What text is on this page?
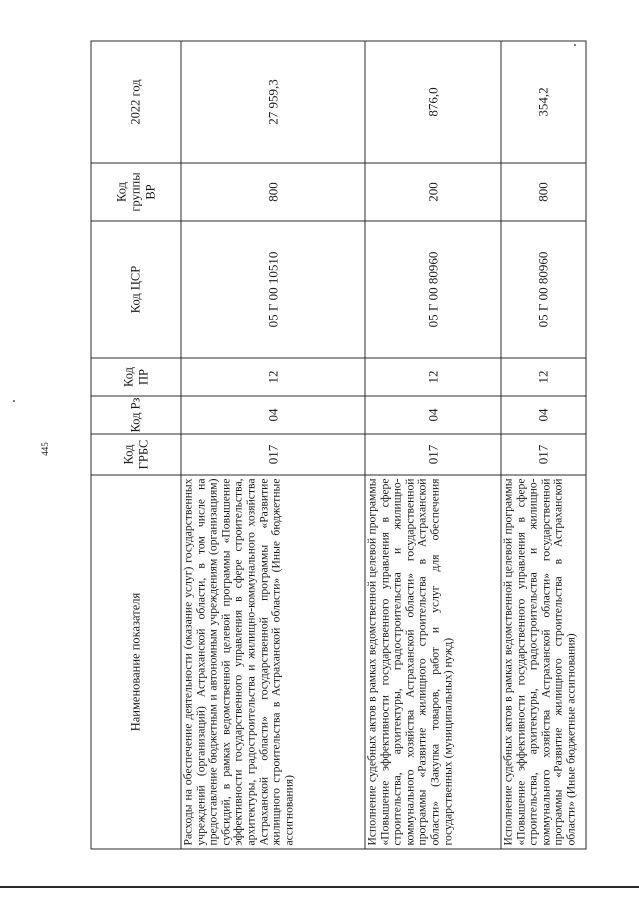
445
Наименование показателя	Код ГРБС	Код Рз	Код ПР	Код ЦСР	Код группы ВР	2022 год
Расходы на обеспечение деятельности (оказание услуг) государственных учреждений (организаций) Астраханской области, в том числе на предоставление бюджетным и автономным учреждениям (организациям) субсидий, в рамках ведомственной целевой программы «Повышение эффективности государственного управления в сфере строительства, архитектуры, градостроительства и жилищно-коммунального хозяйства Астраханской области» государственной программы «Развитие жилищного строительства в Астраханской области» (Иные бюджетные ассигнования)	017	04	12	05 Г 00 10510	800	27 959,3
Исполнение судебных актов в рамках ведомственной целевой программы «Повышение эффективности государственного управления в сфере строительства, архитектуры, градостроительства и жилищно-коммунального хозяйства Астраханской области» государственной программы «Развитие жилищного строительства в Астраханской области» (Закупка товаров, работ и услуг для обеспечения государственных (муниципальных) нужд)	017	04	12	05 Г 00 80960	200	876,0
Исполнение судебных актов в рамках ведомственной целевой программы «Повышение эффективности государственного управления в сфере строительства, архитектуры, градостроительства и жилищно-коммунального хозяйства Астраханской области» государственной программы «Развитие жилищного строительства в Астраханской области» (Иные бюджетные ассигнования)	017	04	12	05 Г 00 80960	800	354,2
